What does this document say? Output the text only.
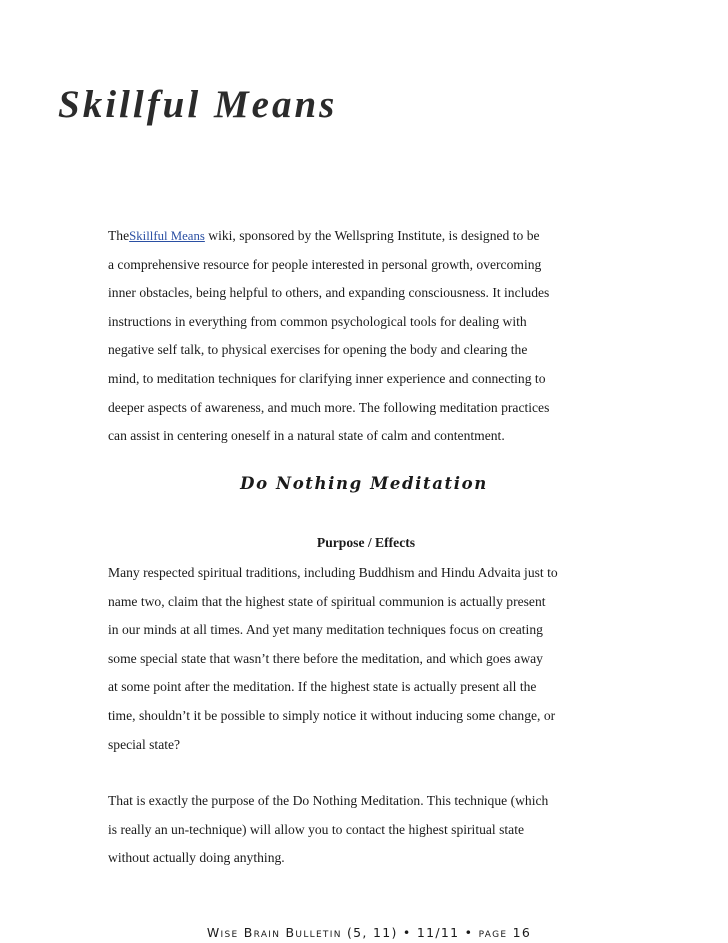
Skillful Means
TheSkillful Means wiki, sponsored by the Wellspring Institute, is designed to be
a comprehensive resource for people interested in personal growth, overcoming
inner obstacles, being helpful to others, and expanding consciousness. It includes
instructions in everything from common psychological tools for dealing with
negative self talk, to physical exercises for opening the body and clearing the
mind, to meditation techniques for clarifying inner experience and connecting to
deeper aspects of awareness, and much more. The following meditation practices
can assist in centering oneself in a natural state of calm and contentment.
Do Nothing Meditation
Purpose / Effects
Many respected spiritual traditions, including Buddhism and Hindu Advaita just to
name two, claim that the highest state of spiritual communion is actually present
in our minds at all times. And yet many meditation techniques focus on creating
some special state that wasn’t there before the meditation, and which goes away
at some point after the meditation. If the highest state is actually present all the
time, shouldn’t it be possible to simply notice it without inducing some change, or
special state?
That is exactly the purpose of the Do Nothing Meditation. This technique (which
is really an un-technique) will allow you to contact the highest spiritual state
without actually doing anything.

Wise Brain Bulletin (5, 11) • 11/11 • page 16
